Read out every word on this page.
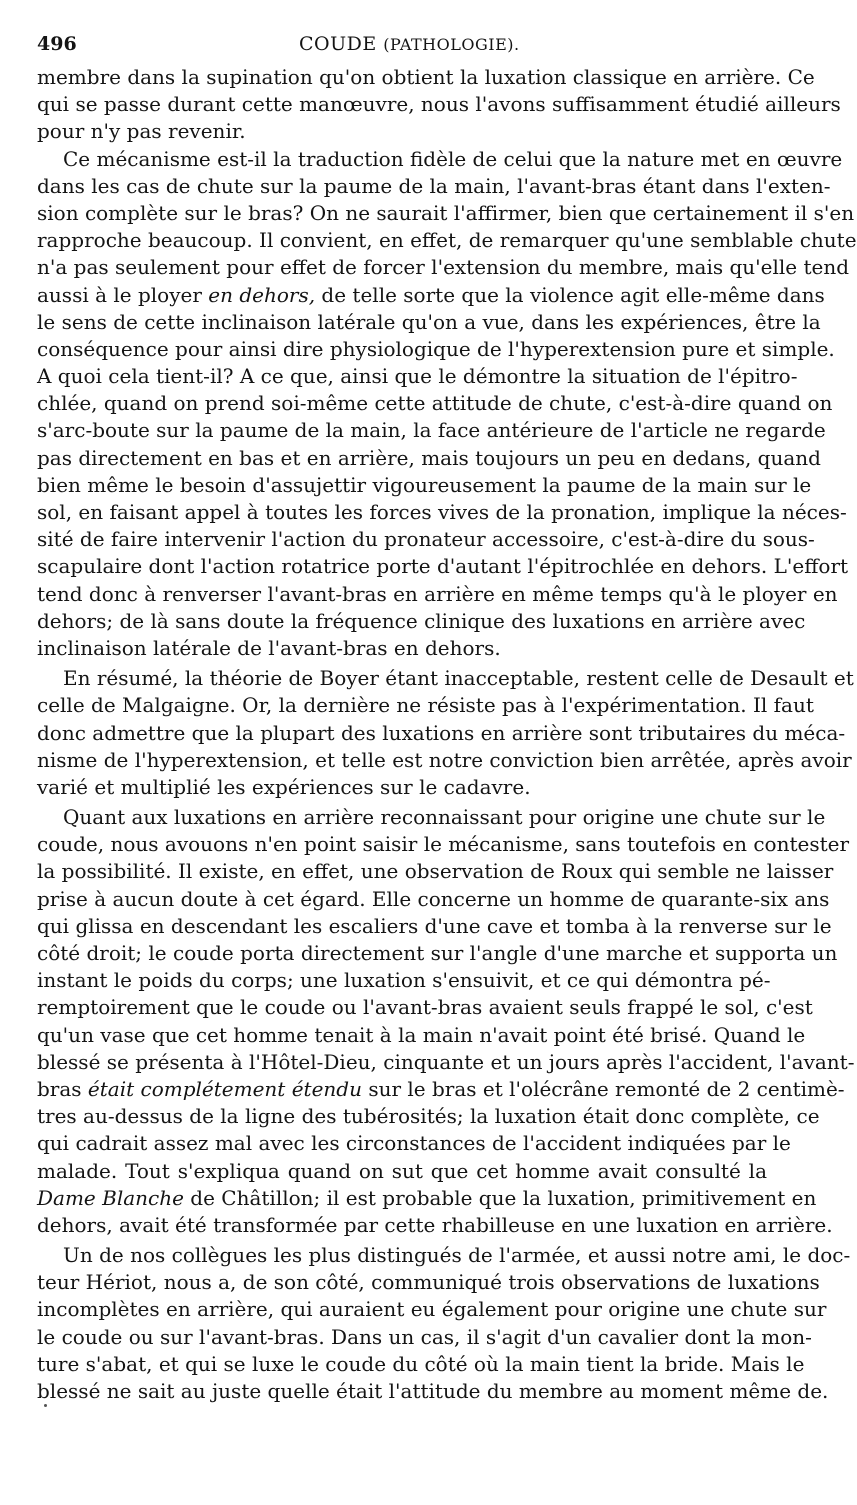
496	COUDE (PATHOLOGIE).
membre dans la supination qu'on obtient la luxation classique en arrière. Ce
qui se passe durant cette manœuvre, nous l'avons suffisamment étudié ailleurs
pour n'y pas revenir.
Ce mécanisme est-il la traduction fidèle de celui que la nature met en œuvre
dans les cas de chute sur la paume de la main, l'avant-bras étant dans l'exten-
sion complète sur le bras? On ne saurait l'affirmer, bien que certainement il s'en
rapproche beaucoup. Il convient, en effet, de remarquer qu'une semblable chute
n'a pas seulement pour effet de forcer l'extension du membre, mais qu'elle tend
aussi à le ployer en dehors, de telle sorte que la violence agit elle-même dans
le sens de cette inclinaison latérale qu'on a vue, dans les expériences, être la
conséquence pour ainsi dire physiologique de l'hyperextension pure et simple.
A quoi cela tient-il? A ce que, ainsi que le démontre la situation de l'épitro-
chlée, quand on prend soi-même cette attitude de chute, c'est-à-dire quand on
s'arc-boute sur la paume de la main, la face antérieure de l'article ne regarde
pas directement en bas et en arrière, mais toujours un peu en dedans, quand
bien même le besoin d'assujettir vigoureusement la paume de la main sur le
sol, en faisant appel à toutes les forces vives de la pronation, implique la néces-
sité de faire intervenir l'action du pronateur accessoire, c'est-à-dire du sous-
scapulaire dont l'action rotatrice porte d'autant l'épitrochlée en dehors. L'effort
tend donc à renverser l'avant-bras en arrière en même temps qu'à le ployer en
dehors; de là sans doute la fréquence clinique des luxations en arrière avec
inclinaison latérale de l'avant-bras en dehors.
En résumé, la théorie de Boyer étant inacceptable, restent celle de Desault et
celle de Malgaigne. Or, la dernière ne résiste pas à l'expérimentation. Il faut
donc admettre que la plupart des luxations en arrière sont tributaires du méca-
nisme de l'hyperextension, et telle est notre conviction bien arrêtée, après avoir
varié et multiplié les expériences sur le cadavre.
Quant aux luxations en arrière reconnaissant pour origine une chute sur le
coude, nous avouons n'en point saisir le mécanisme, sans toutefois en contester
la possibilité. Il existe, en effet, une observation de Roux qui semble ne laisser
prise à aucun doute à cet égard. Elle concerne un homme de quarante-six ans
qui glissa en descendant les escaliers d'une cave et tomba à la renverse sur le
côté droit; le coude porta directement sur l'angle d'une marche et supporta un
instant le poids du corps; une luxation s'ensuivit, et ce qui démontra pé-
remptoirement que le coude ou l'avant-bras avaient seuls frappé le sol, c'est
qu'un vase que cet homme tenait à la main n'avait point été brisé. Quand le
blessé se présenta à l'Hôtel-Dieu, cinquante et un jours après l'accident, l'avant-
bras était complétement étendu sur le bras et l'olécrâne remonté de 2 centimè-
tres au-dessus de la ligne des tubérosités; la luxation était donc complète, ce
qui cadrait assez mal avec les circonstances de l'accident indiquées par le
malade. Tout s'expliqua quand on sut que cet homme avait consulté la
Dame Blanche de Châtillon; il est probable que la luxation, primitivement en
dehors, avait été transformée par cette rhabilleuse en une luxation en arrière.
Un de nos collègues les plus distingués de l'armée, et aussi notre ami, le doc-
teur Hériot, nous a, de son côté, communiqué trois observations de luxations
incomplètes en arrière, qui auraient eu également pour origine une chute sur
le coude ou sur l'avant-bras. Dans un cas, il s'agit d'un cavalier dont la mon-
ture s'abat, et qui se luxe le coude du côté où la main tient la bride. Mais le
blessé ne sait au juste quelle était l'attitude du membre au moment même de.
